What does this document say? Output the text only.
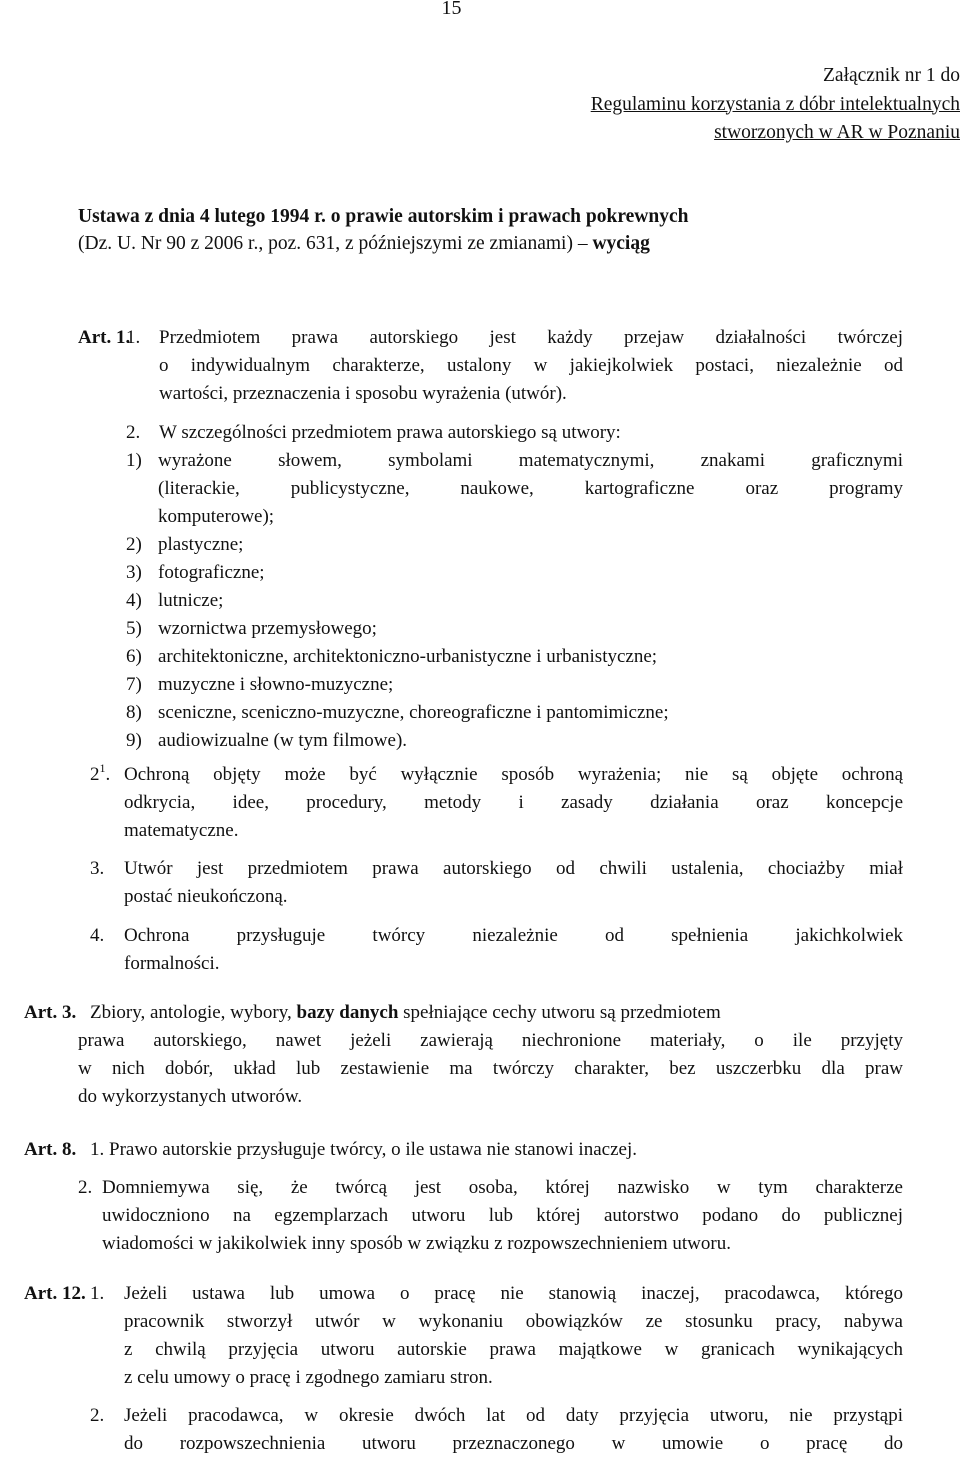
15
Załącznik nr 1 do
Regulaminu korzystania z dóbr intelektualnych
stworzonych w AR w Poznaniu
Ustawa z dnia 4 lutego 1994 r. o prawie autorskim i prawach pokrewnych
(Dz. U. Nr 90 z 2006 r., poz. 631, z późniejszymi ze zmianami) – wyciąg
Art. 1.
1. Przedmiotem prawa autorskiego jest każdy przejaw działalności twórczej
o indywidualnym charakterze, ustalony w jakiejkolwiek postaci, niezależnie od
wartości, przeznaczenia i sposobu wyrażenia (utwór).
2. W szczególności przedmiotem prawa autorskiego są utwory:
1) wyrażone słowem, symbolami matematycznymi, znakami graficznymi
(literackie, publicystyczne, naukowe, kartograficzne oraz programy
komputerowe);
2) plastyczne;
3) fotograficzne;
4) lutnicze;
5) wzornictwa przemysłowego;
6) architektoniczne, architektoniczno-urbanistyczne i urbanistyczne;
7) muzyczne i słowno-muzyczne;
8) sceniczne, sceniczno-muzyczne, choreograficzne i pantomimiczne;
9) audiowizualne (w tym filmowe).
$2^1$. Ochroną objęty może być wyłącznie sposób wyrażenia; nie są objęte ochroną
odkrycia, idee, procedury, metody i zasady działania oraz koncepcje
matematyczne.
3. Utwór jest przedmiotem prawa autorskiego od chwili ustalenia, chociażby miał
postać nieukończoną.
4. Ochrona przysługuje twórcy niezależnie od spełnienia jakichkolwiek
formalności.
Art. 3. Zbiory, antologie, wybory, bazy danych spełniające cechy utworu są przedmiotem
prawa autorskiego, nawet jeżeli zawierają niechronione materiały, o ile przyjęty
w nich dobór, układ lub zestawienie ma twórczy charakter, bez uszczerbku dla praw
do wykorzystanych utworów.
Art. 8. 1. Prawo autorskie przysługuje twórcy, o ile ustawa nie stanowi inaczej.
2. Domniemywa się, że twórcą jest osoba, której nazwisko w tym charakterze
uwidoczniono na egzemplarzach utworu lub której autorstwo podano do publicznej
wiadomości w jakikolwiek inny sposób w związku z rozpowszechnieniem utworu.
Art. 12. 1. Jeżeli ustawa lub umowa o pracę nie stanowią inaczej, pracodawca, którego
pracownik stworzył utwór w wykonaniu obowiązków ze stosunku pracy, nabywa
z chwilą przyjęcia utworu autorskie prawa majątkowe w granicach wynikających
z celu umowy o pracę i zgodnego zamiaru stron.
2. Jeżeli pracodawca, w okresie dwóch lat od daty przyjęcia utworu, nie przystąpi
do rozpowszechnienia utworu przeznaczonego w umowie o pracę do
